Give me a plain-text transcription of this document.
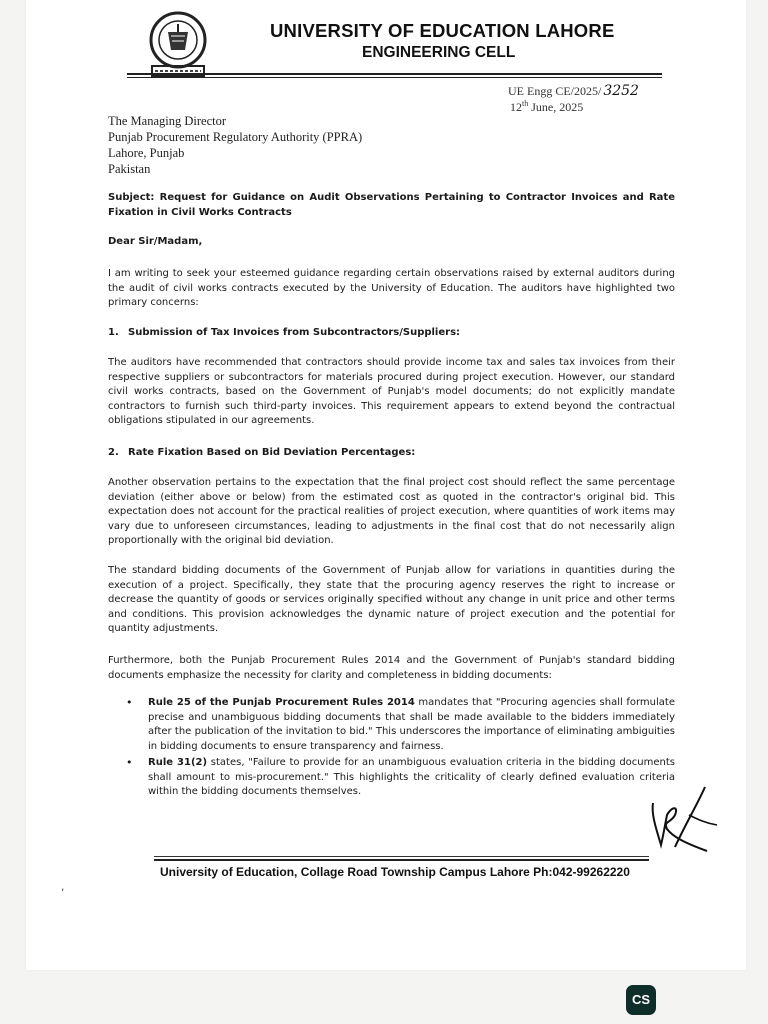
UNIVERSITY OF EDUCATION LAHORE
ENGINEERING CELL
UE Engg CE/2025/ 3252
12th June, 2025
The Managing Director
Punjab Procurement Regulatory Authority (PPRA)
Lahore, Punjab
Pakistan
Subject: Request for Guidance on Audit Observations Pertaining to Contractor Invoices and Rate Fixation in Civil Works Contracts
Dear Sir/Madam,
I am writing to seek your esteemed guidance regarding certain observations raised by external auditors during the audit of civil works contracts executed by the University of Education. The auditors have highlighted two primary concerns:
1. Submission of Tax Invoices from Subcontractors/Suppliers:
The auditors have recommended that contractors should provide income tax and sales tax invoices from their respective suppliers or subcontractors for materials procured during project execution. However, our standard civil works contracts, based on the Government of Punjab's model documents; do not explicitly mandate contractors to furnish such third-party invoices. This requirement appears to extend beyond the contractual obligations stipulated in our agreements.
2. Rate Fixation Based on Bid Deviation Percentages:
Another observation pertains to the expectation that the final project cost should reflect the same percentage deviation (either above or below) from the estimated cost as quoted in the contractor's original bid. This expectation does not account for the practical realities of project execution, where quantities of work items may vary due to unforeseen circumstances, leading to adjustments in the final cost that do not necessarily align proportionally with the original bid deviation.
The standard bidding documents of the Government of Punjab allow for variations in quantities during the execution of a project. Specifically, they state that the procuring agency reserves the right to increase or decrease the quantity of goods or services originally specified without any change in unit price and other terms and conditions. This provision acknowledges the dynamic nature of project execution and the potential for quantity adjustments.
Furthermore, both the Punjab Procurement Rules 2014 and the Government of Punjab's standard bidding documents emphasize the necessity for clarity and completeness in bidding documents:
• Rule 25 of the Punjab Procurement Rules 2014 mandates that "Procuring agencies shall formulate precise and unambiguous bidding documents that shall be made available to the bidders immediately after the publication of the invitation to bid." This underscores the importance of eliminating ambiguities in bidding documents to ensure transparency and fairness.
• Rule 31(2) states, "Failure to provide for an unambiguous evaluation criteria in the bidding documents shall amount to mis-procurement." This highlights the criticality of clearly defined evaluation criteria within the bidding documents themselves.
University of Education, Collage Road Township Campus Lahore Ph:042-99262220
‚
CS
